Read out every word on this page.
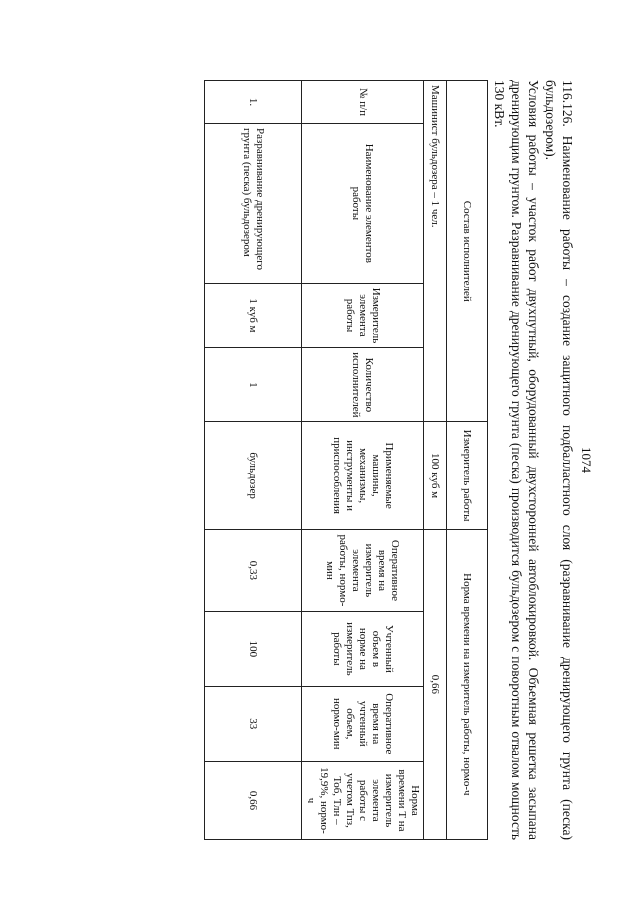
1074

116.126. Наименование работы – создание защитного подбалластного слоя (разравнивание дренирующего грунта (песка) бульдозером).

Условия работы – участок работ двухпутный, оборудованный двухсторонней автоблокировкой. Объемная решетка засыпана дренирующим грунтом. Разравнивание дренирующего грунта (песка) производится бульдозером с поворотным отвалом мощность 130 кВт.

Состав исполнителей				Измеритель работы	Норма времени на измеритель работы, нормо-ч			
Машинист бульдозера – 1 чел.				100 куб м	0,66			
№ п/п	Наименование элементов работы	Измеритель элемента работы	Количество исполнителей	Применяемые машины, механизмы, инструменты и приспособления	Оперативное время на измеритель элемента работы, нормо-мин	Учтенный объем в норме на измеритель работы	Оперативное время на учтенный объем, нормо-мин	Норма времени Т на измеритель элемента работы с учетом Тпз, Тоб, Тлн – 19,9%, нормо-ч
1.	Разравнивание дренирующего грунта (песка) бульдозером	1 куб м	1	бульдозер	0,33	100	33	0,66
